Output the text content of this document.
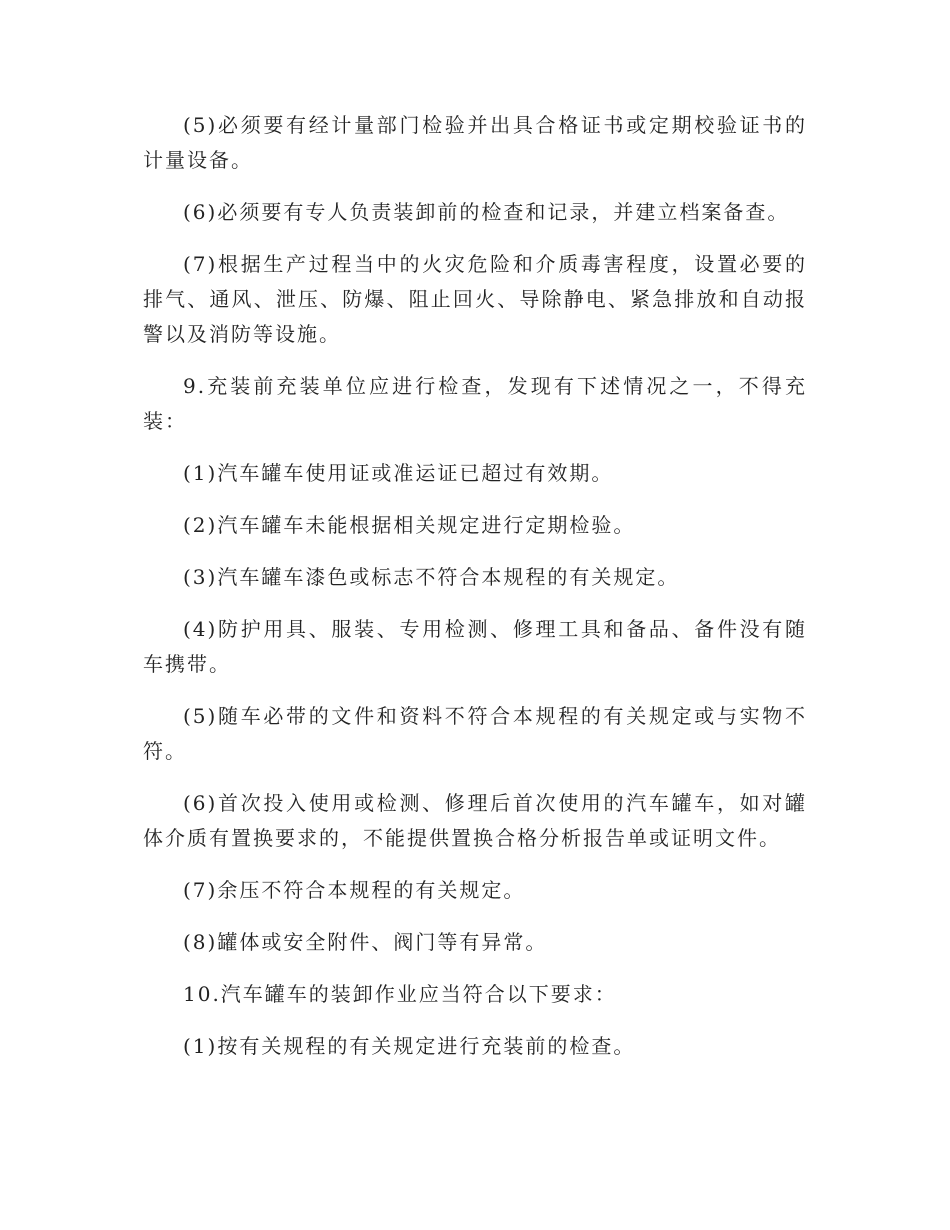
(5)必须要有经计量部门检验并出具合格证书或定期校验证书的计量设备。

(6)必须要有专人负责装卸前的检查和记录，并建立档案备查。

(7)根据生产过程当中的火灾危险和介质毒害程度，设置必要的排气、通风、泄压、防爆、阻止回火、导除静电、紧急排放和自动报警以及消防等设施。

9.充装前充装单位应进行检查，发现有下述情况之一，不得充装：

(1)汽车罐车使用证或准运证已超过有效期。

(2)汽车罐车未能根据相关规定进行定期检验。

(3)汽车罐车漆色或标志不符合本规程的有关规定。

(4)防护用具、服装、专用检测、修理工具和备品、备件没有随车携带。

(5)随车必带的文件和资料不符合本规程的有关规定或与实物不符。

(6)首次投入使用或检测、修理后首次使用的汽车罐车，如对罐体介质有置换要求的，不能提供置换合格分析报告单或证明文件。

(7)余压不符合本规程的有关规定。

(8)罐体或安全附件、阀门等有异常。

10.汽车罐车的装卸作业应当符合以下要求：

(1)按有关规程的有关规定进行充装前的检查。
